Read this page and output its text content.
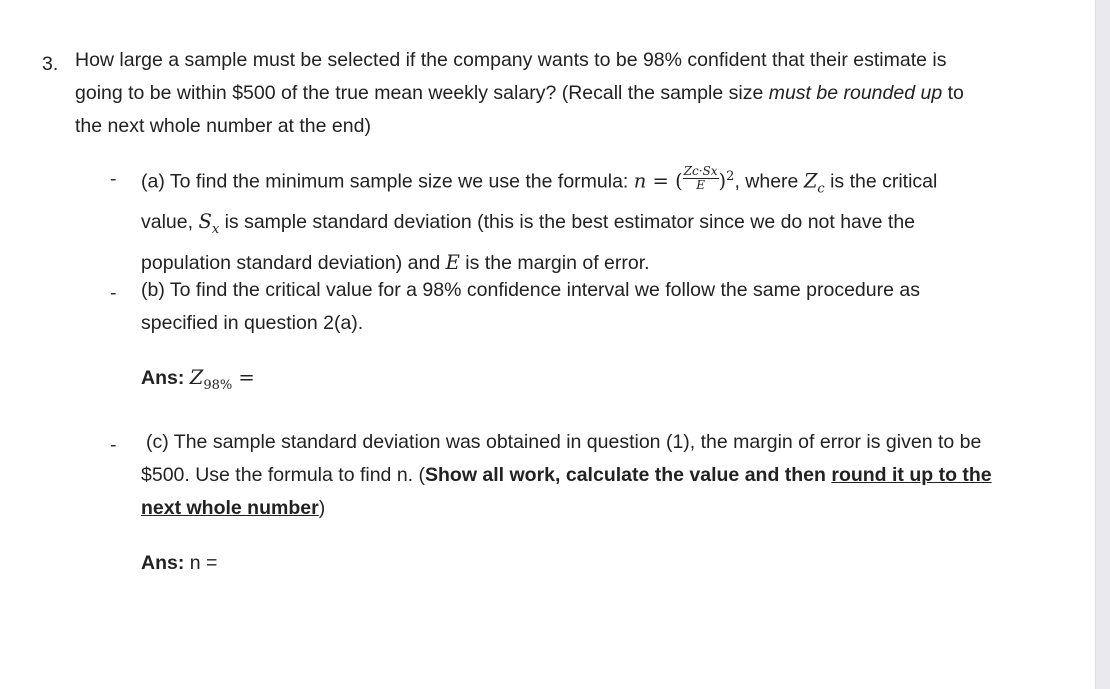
3. How large a sample must be selected if the company wants to be 98% confident that their estimate is
going to be within $500 of the true mean weekly salary? (Recall the sample size must be rounded up to
the next whole number at the end)
- (a) To find the minimum sample size we use the formula: n = ( $\frac{Zc\cdot Sx}{E} )^2$, where $Z_c$ is the critical
value, $S_x$ is sample standard deviation (this is the best estimator since we do not have the
population standard deviation) and E is the margin of error.
- (b) To find the critical value for a 98% confidence interval we follow the same procedure as
specified in question 2(a).
Ans: $Z_{98\%}$ =
- (c) The sample standard deviation was obtained in question (1), the margin of error is given to be
$500. Use the formula to find n. (Show all work, calculate the value and then round it up to the
next whole number)
Ans: n =
